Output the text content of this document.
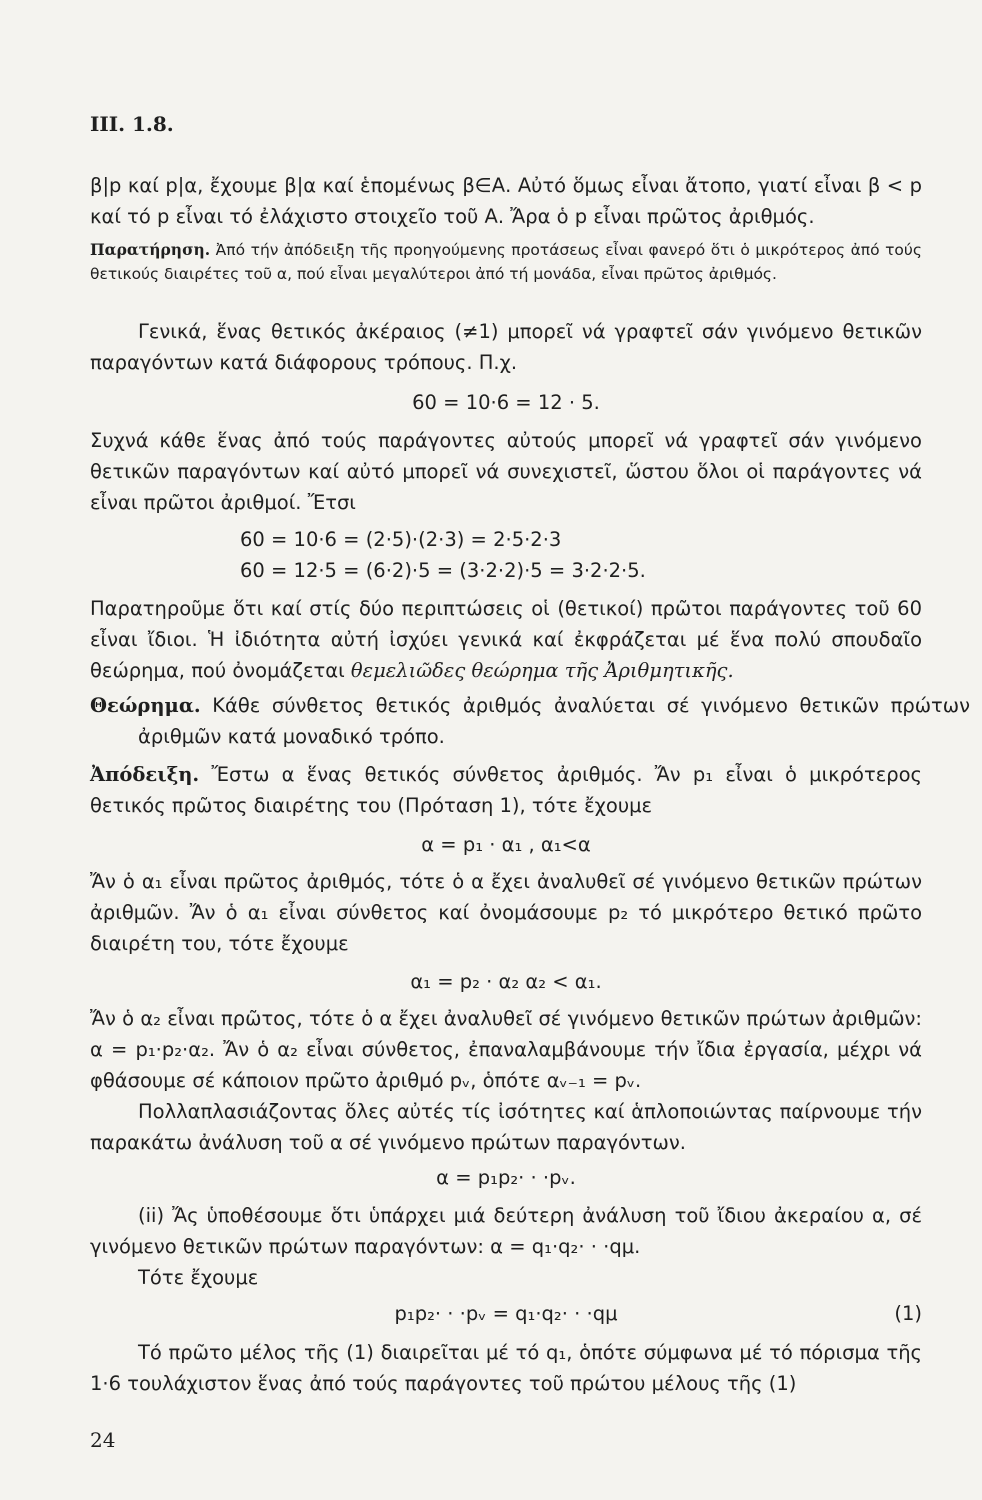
III. 1.8.
β|p καί p|α, ἔχουμε β|α καί ἑπομένως β∈Α. Αὐτό ὅμως εἶναι ἄτοπο, γιατί εἶναι β < p καί τό p εἶναι τό ἐλάχιστο στοιχεῖο τοῦ Α. Ἄρα ὁ p εἶναι πρῶτος ἀριθμός.
Παρατήρηση. Ἀπό τήν ἀπόδειξη τῆς προηγούμενης προτάσεως εἶναι φανερό ὅτι ὁ μικρότερος ἀπό τούς θετικούς διαιρέτες τοῦ α, πού εἶναι μεγαλύτεροι ἀπό τή μονάδα, εἶναι πρῶτος ἀριθμός.
Γενικά, ἕνας θετικός ἀκέραιος (≠1) μπορεῖ νά γραφτεῖ σάν γινόμενο θετικῶν παραγόντων κατά διάφορους τρόπους. Π.χ.
60 = 10·6 = 12 · 5.
Συχνά κάθε ἕνας ἀπό τούς παράγοντες αὐτούς μπορεῖ νά γραφτεῖ σάν γινόμενο θετικῶν παραγόντων καί αὐτό μπορεῖ νά συνεχιστεῖ, ὥστου ὅλοι οἱ παράγοντες νά εἶναι πρῶτοι ἀριθμοί. Ἔτσι
60 = 10·6 = (2·5)·(2·3) = 2·5·2·3
60 = 12·5 = (6·2)·5 = (3·2·2)·5 = 3·2·2·5.
Παρατηροῦμε ὅτι καί στίς δύο περιπτώσεις οἱ (θετικοί) πρῶτοι παράγοντες τοῦ 60 εἶναι ἴδιοι. Ἡ ἰδιότητα αὐτή ἰσχύει γενικά καί ἐκφράζεται μέ ἕνα πολύ σπουδαῖο θεώρημα, πού ὀνομάζεται θεμελιῶδες θεώρημα τῆς Ἀριθμητικῆς.
Θεώρημα. Κάθε σύνθετος θετικός ἀριθμός ἀναλύεται σέ γινόμενο θετικῶν πρώτων ἀριθμῶν κατά μοναδικό τρόπο.
Ἀπόδειξη. Ἔστω α ἕνας θετικός σύνθετος ἀριθμός. Ἄν p₁ εἶναι ὁ μικρότερος θετικός πρῶτος διαιρέτης του (Πρόταση 1), τότε ἔχουμε
α = p₁ · α₁ , α₁<α
Ἄν ὁ α₁ εἶναι πρῶτος ἀριθμός, τότε ὁ α ἔχει ἀναλυθεῖ σέ γινόμενο θετικῶν πρώτων ἀριθμῶν. Ἄν ὁ α₁ εἶναι σύνθετος καί ὀνομάσουμε p₂ τό μικρότερο θετικό πρῶτο διαιρέτη του, τότε ἔχουμε
α₁ = p₂ · α₂ α₂ < α₁.
Ἄν ὁ α₂ εἶναι πρῶτος, τότε ὁ α ἔχει ἀναλυθεῖ σέ γινόμενο θετικῶν πρώτων ἀριθμῶν: α = p₁·p₂·α₂. Ἄν ὁ α₂ εἶναι σύνθετος, ἐπαναλαμβάνουμε τήν ἴδια ἐργασία, μέχρι νά φθάσουμε σέ κάποιον πρῶτο ἀριθμό pᵥ, ὁπότε αᵥ₋₁ = pᵥ.
Πολλαπλασιάζοντας ὅλες αὐτές τίς ἰσότητες καί ἁπλοποιώντας παίρνουμε τήν παρακάτω ἀνάλυση τοῦ α σέ γινόμενο πρώτων παραγόντων.
α = p₁p₂· · ·pᵥ.
(ii) Ἄς ὑποθέσουμε ὅτι ὑπάρχει μιά δεύτερη ἀνάλυση τοῦ ἴδιου ἀκεραίου α, σέ γινόμενο θετικῶν πρώτων παραγόντων: α = q₁·q₂· · ·qμ.
Τότε ἔχουμε
p₁p₂· · ·pᵥ = q₁·q₂· · ·qμ	(1)
Τό πρῶτο μέλος τῆς (1) διαιρεῖται μέ τό q₁, ὁπότε σύμφωνα μέ τό πόρισμα τῆς 1·6 τουλάχιστον ἕνας ἀπό τούς παράγοντες τοῦ πρώτου μέλους τῆς (1)
24
